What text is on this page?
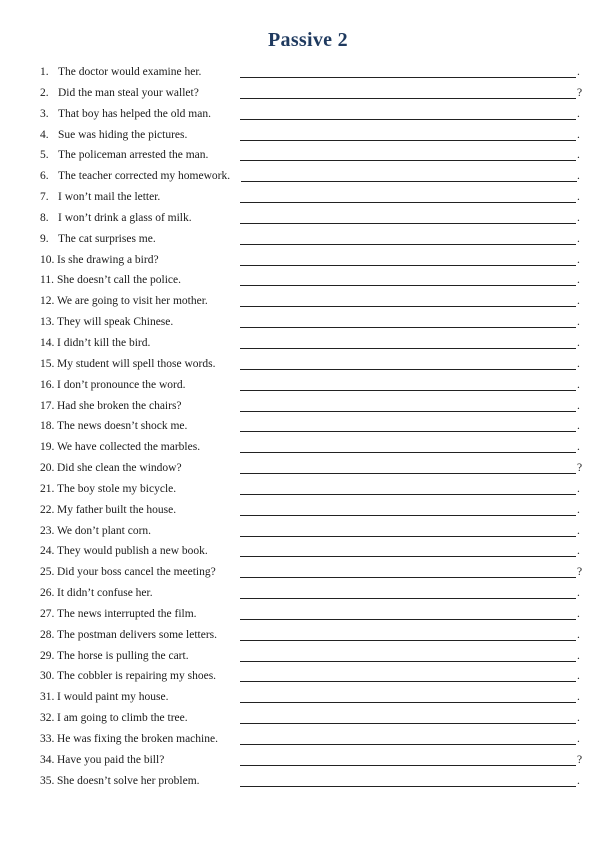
Passive 2
1. The doctor would examine her.	.
2. Did the man steal your wallet?	?
3. That boy has helped the old man.	.
4. Sue was hiding the pictures.	.
5. The policeman arrested the man.	.
6. The teacher corrected my homework.	.
7. I won’t mail the letter.	.
8. I won’t drink a glass of milk.	.
9. The cat surprises me.	.
10. Is she drawing a bird?	.
11. She doesn’t call the police.	.
12. We are going to visit her mother.	.
13. They will speak Chinese.	.
14. I didn’t kill the bird.	.
15. My student will spell those words.	.
16. I don’t pronounce the word.	.
17. Had she broken the chairs?	.
18. The news doesn’t shock me.	.
19. We have collected the marbles.	.
20. Did she clean the window?	?
21. The boy stole my bicycle.	.
22. My father built the house.	.
23. We don’t plant corn.	.
24. They would publish a new book.	.
25. Did your boss cancel the meeting?	?
26. It didn’t confuse her.	.
27. The news interrupted the film.	.
28. The postman delivers some letters.	.
29. The horse is pulling the cart.	.
30. The cobbler is repairing my shoes.	.
31. I would paint my house.	.
32. I am going to climb the tree.	.
33. He was fixing the broken machine.	.
34. Have you paid the bill?	?
35. She doesn’t solve her problem.	.
